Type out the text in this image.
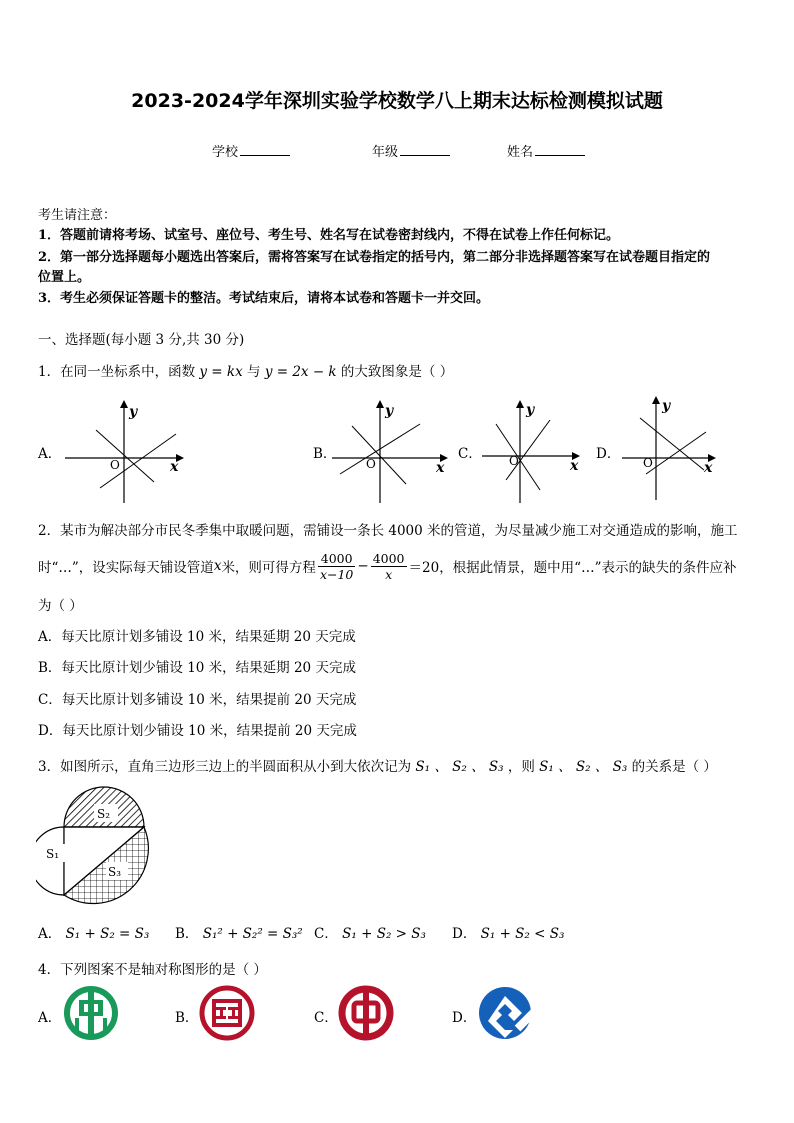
2023-2024学年深圳实验学校数学八上期末达标检测模拟试题
学校	年级	姓名
考生请注意：
1．答题前请将考场、试室号、座位号、考生号、姓名写在试卷密封线内，不得在试卷上作任何标记。
2．第一部分选择题每小题选出答案后，需将答案写在试卷指定的括号内，第二部分非选择题答案写在试卷题目指定的
位置上。
3．考生必须保证答题卡的整洁。考试结束后，请将本试卷和答题卡一并交回。
一、选择题(每小题 3 分,共 30 分)
1．在同一坐标系中，函数 y = kx 与 y = 2x − k 的大致图象是（ ）
A．
O	x
y
B．
O	x
y
C． O	x
y
D．
O	x
y
2．某市为解决部分市民冬季集中取暖问题，需铺设一条长 4000 米的管道，为尽量减少施工对交通造成的影响，施工
时“…”，设实际每天铺设管道 x 米，则可得方程 $\frac{4000}{x-10} - \frac{4000}{x} =20$ ，根据此情景，题中用“…”表示的缺失的条件应补
为（ ）
A．每天比原计划多铺设 10 米，结果延期 20 天完成
B．每天比原计划少铺设 10 米，结果延期 20 天完成
C．每天比原计划多铺设 10 米，结果提前 20 天完成
D．每天比原计划少铺设 10 米，结果提前 20 天完成
3．如图所示，直角三边形三边上的半圆面积从小到大依次记为 S₁ 、 S₂ 、 S₃ ，则 S₁ 、 S₂ 、 S₃ 的关系是（ ）
S₂
S₁
S₃
A． S₁ + S₂ = S₃ B． S₁² + S₂² = S₃² C． S₁ + S₂ > S₃ D． S₁ + S₂ < S₃
4．下列图案不是轴对称图形的是（ ）
A．	B．	C．	D．
